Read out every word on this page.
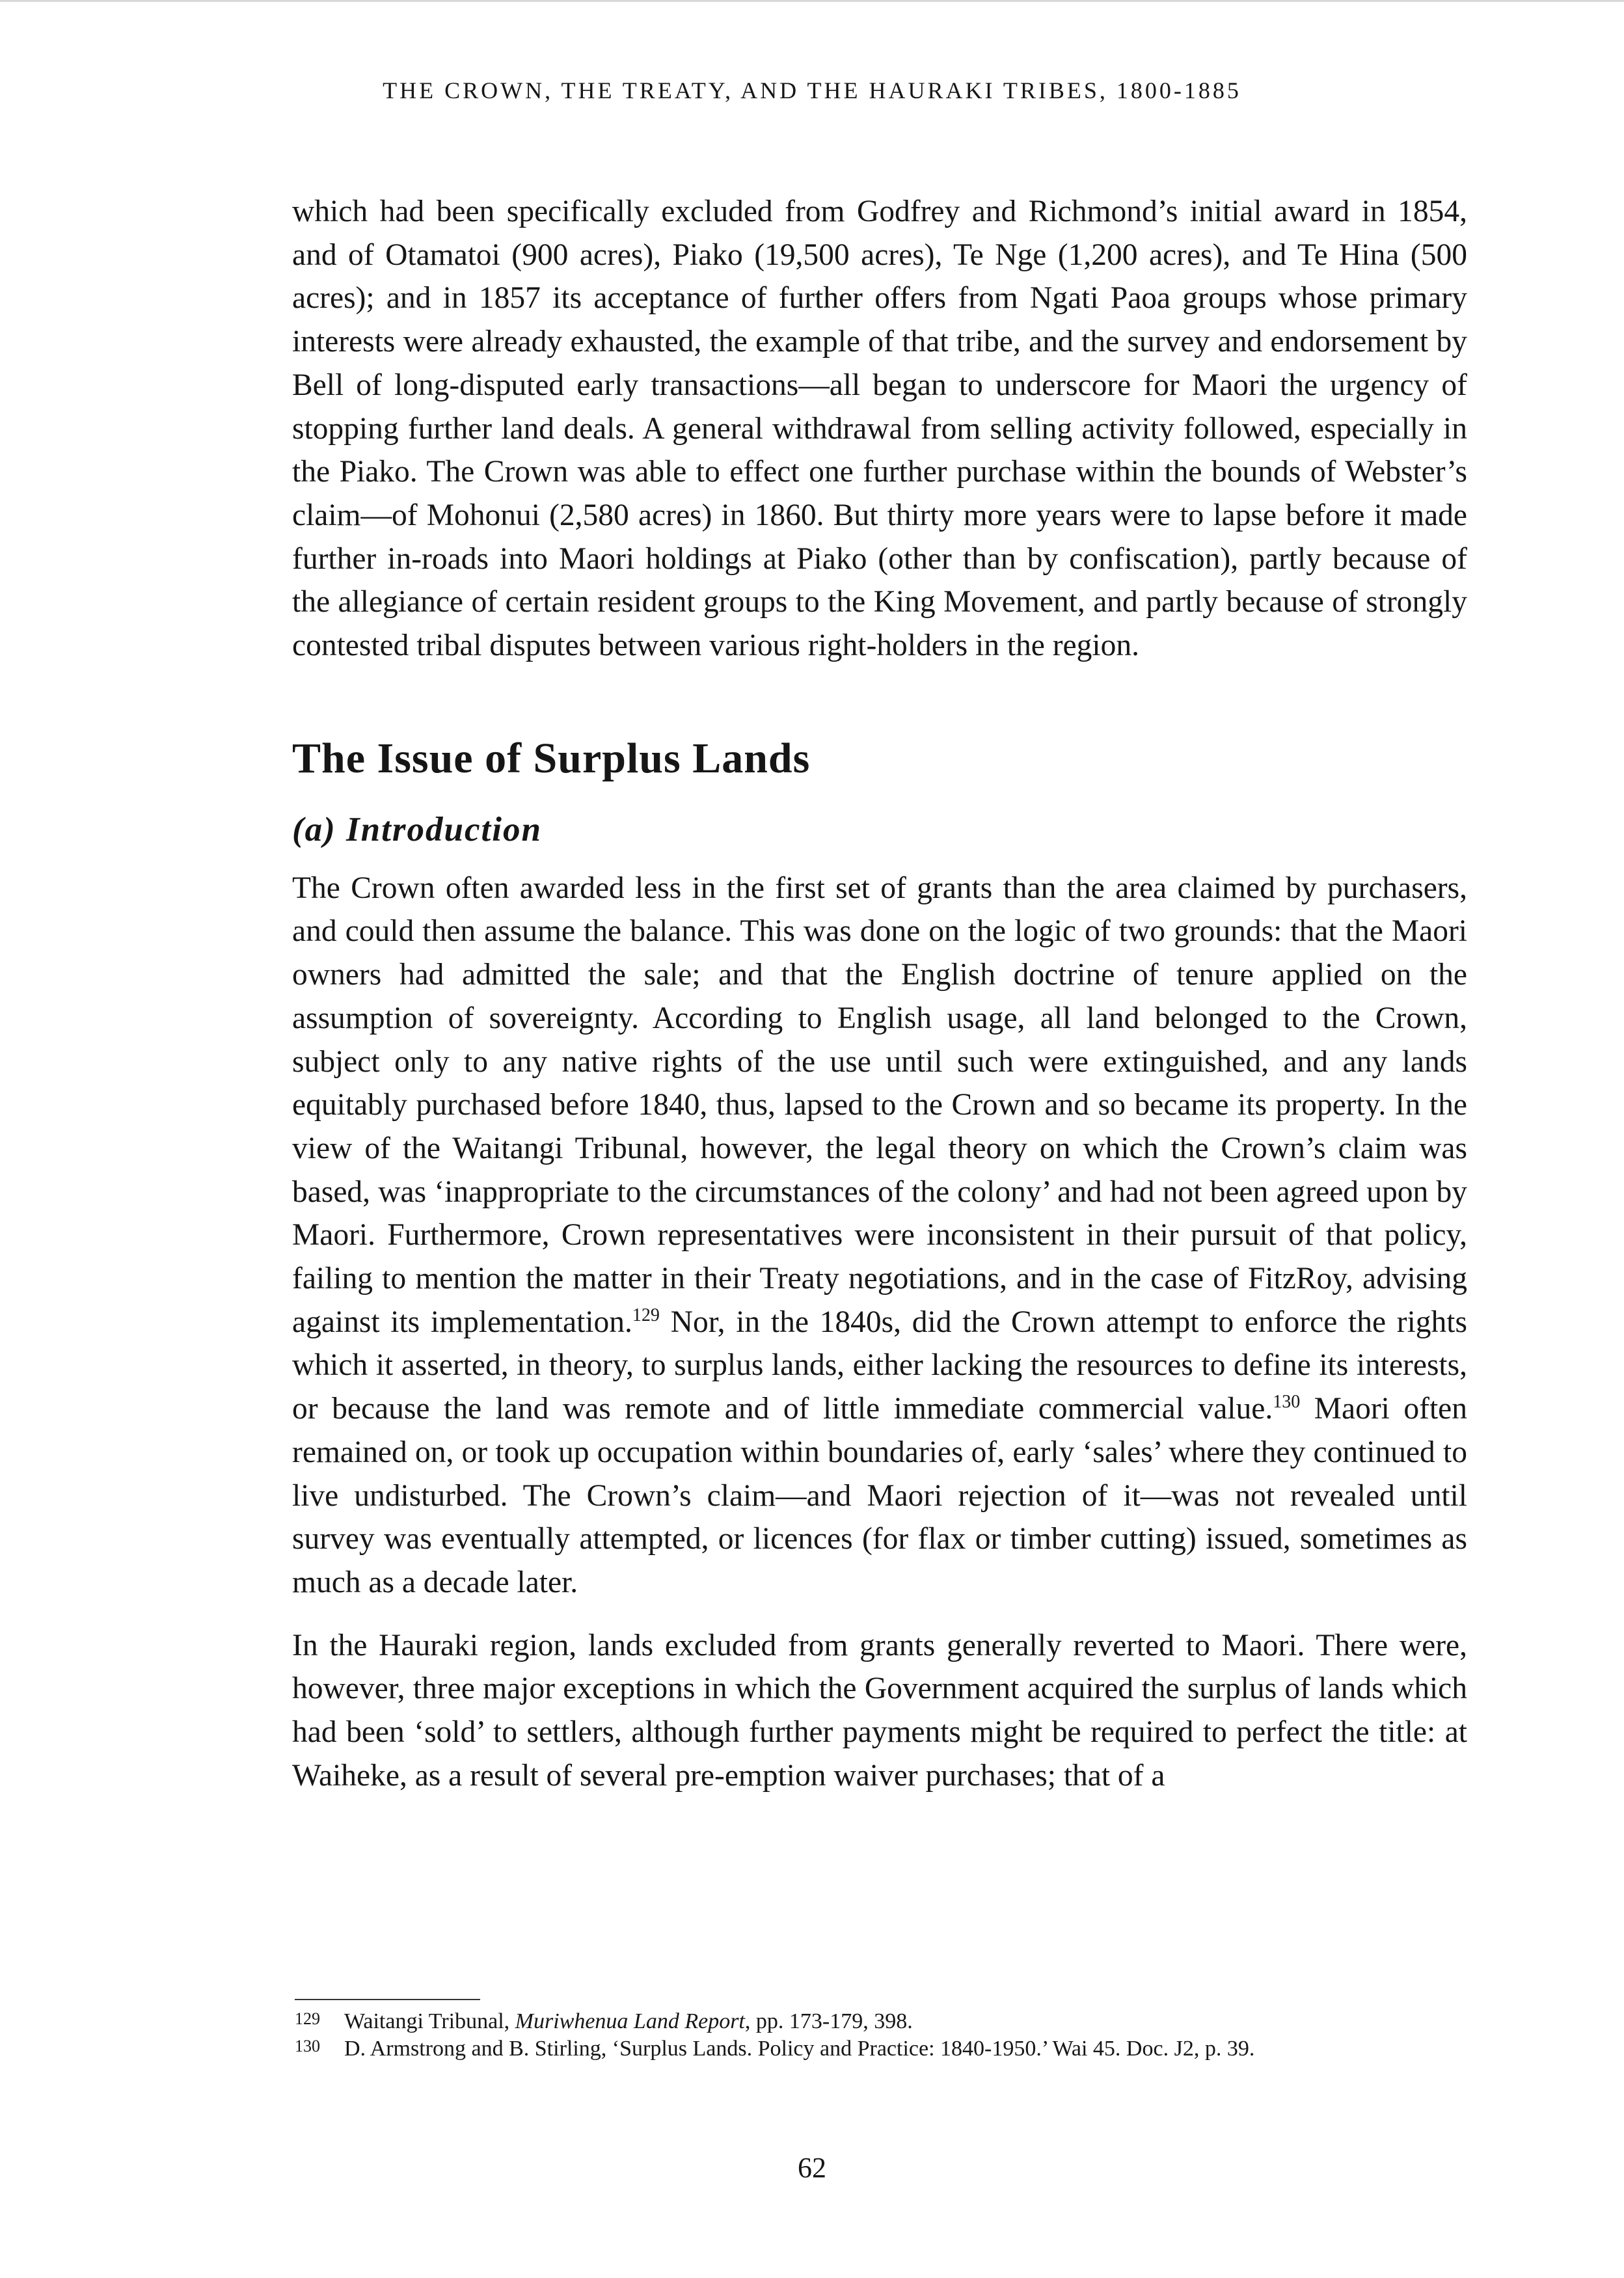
THE CROWN, THE TREATY, AND THE HAURAKI TRIBES, 1800-1885

which had been specifically excluded from Godfrey and Richmond’s initial award in 1854, and of Otamatoi (900 acres), Piako (19,500 acres), Te Nge (1,200 acres), and Te Hina (500 acres); and in 1857 its acceptance of further offers from Ngati Paoa groups whose primary interests were already exhausted, the example of that tribe, and the survey and endorsement by Bell of long-disputed early transactions—all began to underscore for Maori the urgency of stopping further land deals. A general withdrawal from selling activity followed, especially in the Piako. The Crown was able to effect one further purchase within the bounds of Webster’s claim—of Mohonui (2,580 acres) in 1860. But thirty more years were to lapse before it made further in-roads into Maori holdings at Piako (other than by confiscation), partly because of the allegiance of certain resident groups to the King Movement, and partly because of strongly contested tribal disputes between various right-holders in the region.

The Issue of Surplus Lands
(a) Introduction

The Crown often awarded less in the first set of grants than the area claimed by purchasers, and could then assume the balance. This was done on the logic of two grounds: that the Maori owners had admitted the sale; and that the English doctrine of tenure applied on the assumption of sovereignty. According to English usage, all land belonged to the Crown, subject only to any native rights of the use until such were extinguished, and any lands equitably purchased before 1840, thus, lapsed to the Crown and so became its property. In the view of the Waitangi Tribunal, however, the legal theory on which the Crown’s claim was based, was ‘inappropriate to the circumstances of the colony’ and had not been agreed upon by Maori. Furthermore, Crown representatives were inconsistent in their pursuit of that policy, failing to mention the matter in their Treaty negotiations, and in the case of FitzRoy, advising against its implementation.$^{129}$ Nor, in the 1840s, did the Crown attempt to enforce the rights which it asserted, in theory, to surplus lands, either lacking the resources to define its interests, or because the land was remote and of little immediate commercial value.$^{130}$ Maori often remained on, or took up occupation within boundaries of, early ‘sales’ where they continued to live undisturbed. The Crown’s claim—and Maori rejection of it—was not revealed until survey was eventually attempted, or licences (for flax or timber cutting) issued, sometimes as much as a decade later.

In the Hauraki region, lands excluded from grants generally reverted to Maori. There were, however, three major exceptions in which the Government acquired the surplus of lands which had been ‘sold’ to settlers, although further payments might be required to perfect the title: at Waiheke, as a result of several pre-emption waiver purchases; that of a

129	Waitangi Tribunal, Muriwhenua Land Report, pp. 173-179, 398.
130	D. Armstrong and B. Stirling, ‘Surplus Lands. Policy and Practice: 1840-1950.’ Wai 45. Doc. J2, p. 39.
62
